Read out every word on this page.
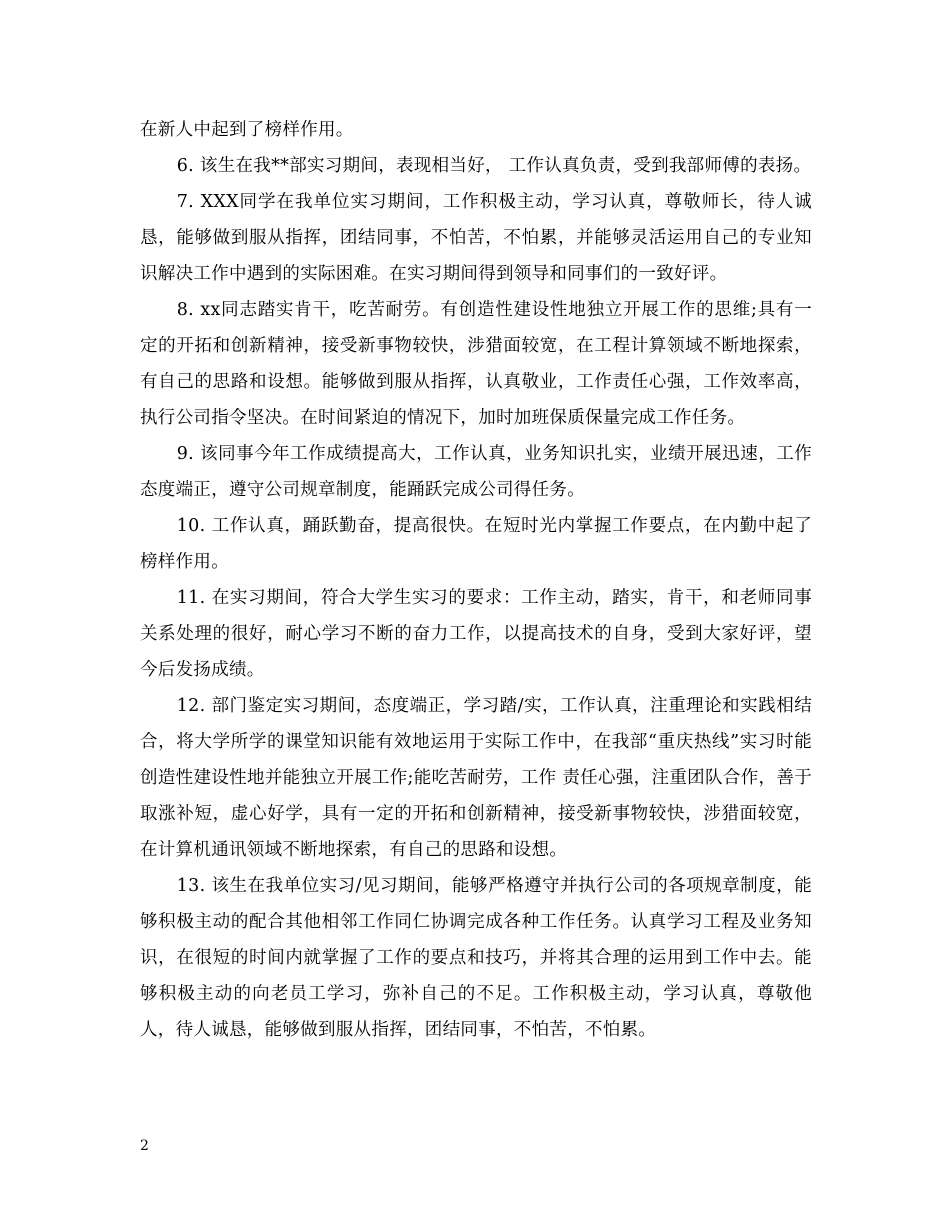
在新人中起到了榜样作用。

6. 该生在我**部实习期间，表现相当好， 工作认真负责，受到我部师傅的表扬。

7. XXX同学在我单位实习期间，工作积极主动，学习认真，尊敬师长，待人诚恳，能够做到服从指挥，团结同事，不怕苦，不怕累，并能够灵活运用自己的专业知识解决工作中遇到的实际困难。在实习期间得到领导和同事们的一致好评。

8. xx同志踏实肯干，吃苦耐劳。有创造性建设性地独立开展工作的思维;具有一定的开拓和创新精神，接受新事物较快，涉猎面较宽，在工程计算领域不断地探索，有自己的思路和设想。能够做到服从指挥，认真敬业，工作责任心强，工作效率高，执行公司指令坚决。在时间紧迫的情况下，加时加班保质保量完成工作任务。

9. 该同事今年工作成绩提高大，工作认真，业务知识扎实，业绩开展迅速，工作态度端正，遵守公司规章制度，能踊跃完成公司得任务。

10. 工作认真，踊跃勤奋，提高很快。在短时光内掌握工作要点，在内勤中起了榜样作用。

11. 在实习期间，符合大学生实习的要求：工作主动，踏实，肯干，和老师同事关系处理的很好，耐心学习不断的奋力工作，以提高技术的自身，受到大家好评，望今后发扬成绩。

12. 部门鉴定实习期间，态度端正，学习踏/实，工作认真，注重理论和实践相结合，将大学所学的课堂知识能有效地运用于实际工作中，在我部“重庆热线”实习时能创造性建设性地并能独立开展工作;能吃苦耐劳，工作 责任心强，注重团队合作，善于取涨补短，虚心好学，具有一定的开拓和创新精神，接受新事物较快，涉猎面较宽，在计算机通讯领域不断地探索，有自己的思路和设想。

13. 该生在我单位实习/见习期间，能够严格遵守并执行公司的各项规章制度，能够积极主动的配合其他相邻工作同仁协调完成各种工作任务。认真学习工程及业务知识，在很短的时间内就掌握了工作的要点和技巧，并将其合理的运用到工作中去。能够积极主动的向老员工学习，弥补自己的不足。工作积极主动，学习认真，尊敬他人，待人诚恳，能够做到服从指挥，团结同事，不怕苦，不怕累。

2
